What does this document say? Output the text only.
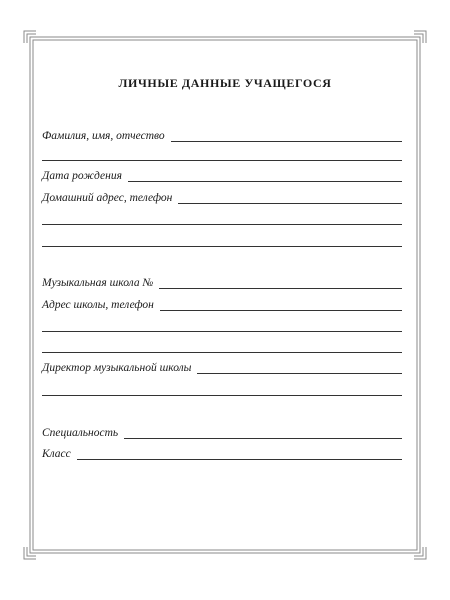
ЛИЧНЫЕ ДАННЫЕ УЧАЩЕГОСЯ
Фамилия, имя, отчество
Дата рождения
Домашний адрес, телефон
Музыкальная школа №
Адрес школы, телефон
Директор музыкальной школы
Специальность
Класс
